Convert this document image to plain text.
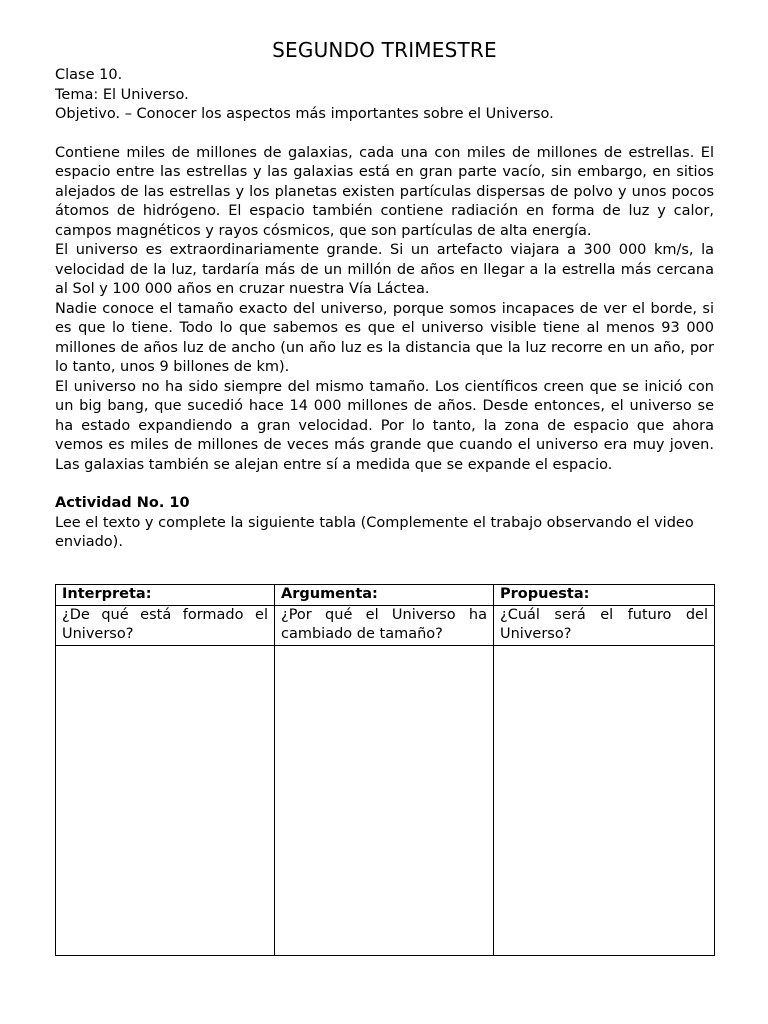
SEGUNDO TRIMESTRE

Clase 10.

Tema: El Universo.

Objetivo. – Conocer los aspectos más importantes sobre el Universo.

Contiene miles de millones de galaxias, cada una con miles de millones de estrellas. El espacio entre las estrellas y las galaxias está en gran parte vacío, sin embargo, en sitios alejados de las estrellas y los planetas existen partículas dispersas de polvo y unos pocos átomos de hidrógeno. El espacio también contiene radiación en forma de luz y calor, campos magnéticos y rayos cósmicos, que son partículas de alta energía.

El universo es extraordinariamente grande. Si un artefacto viajara a 300 000 km/s, la velocidad de la luz, tardaría más de un millón de años en llegar a la estrella más cercana al Sol y 100 000 años en cruzar nuestra Vía Láctea.

Nadie conoce el tamaño exacto del universo, porque somos incapaces de ver el borde, si es que lo tiene. Todo lo que sabemos es que el universo visible tiene al menos 93 000 millones de años luz de ancho (un año luz es la distancia que la luz recorre en un año, por lo tanto, unos 9 billones de km).

El universo no ha sido siempre del mismo tamaño. Los científicos creen que se inició con un big bang, que sucedió hace 14 000 millones de años. Desde entonces, el universo se ha estado expandiendo a gran velocidad. Por lo tanto, la zona de espacio que ahora vemos es miles de millones de veces más grande que cuando el universo era muy joven. Las galaxias también se alejan entre sí a medida que se expande el espacio.

Actividad No. 10

Lee el texto y complete la siguiente tabla (Complemente el trabajo observando el video enviado).

Interpreta:	Argumenta:	Propuesta:
¿De qué está formado el Universo?	¿Por qué el Universo ha cambiado de tamaño?	¿Cuál será el futuro del Universo?
